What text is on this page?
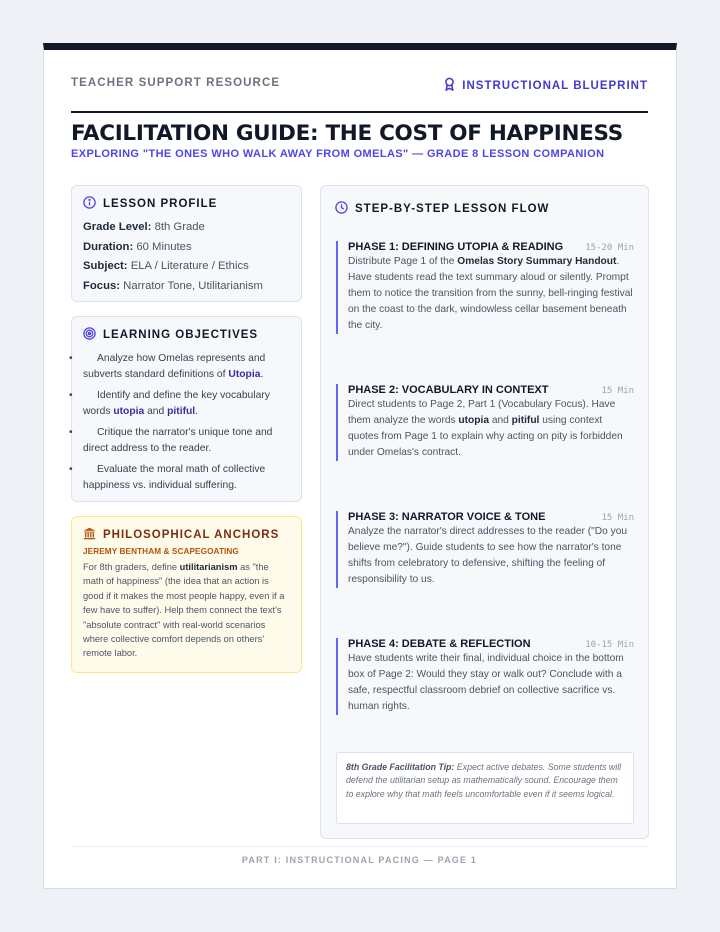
TEACHER SUPPORT RESOURCE	INSTRUCTIONAL BLUEPRINT
FACILITATION GUIDE: THE COST OF HAPPINESS
EXPLORING "THE ONES WHO WALK AWAY FROM OMELAS" — GRADE 8 LESSON COMPANION
LESSON PROFILE
Grade Level: 8th Grade
Duration: 60 Minutes
Subject: ELA / Literature / Ethics
Focus: Narrator Tone, Utilitarianism
LEARNING OBJECTIVES
• Analyze how Omelas represents and subverts standard definitions of Utopia.
• Identify and define the key vocabulary words utopia and pitiful.
• Critique the narrator's unique tone and direct address to the reader.
• Evaluate the moral math of collective happiness vs. individual suffering.
PHILOSOPHICAL ANCHORS
JEREMY BENTHAM & SCAPEGOATING

For 8th graders, define utilitarianism as "the math of happiness" (the idea that an action is good if it makes the most people happy, even if a few have to suffer). Help them connect the text's "absolute contract" with real-world scenarios where collective comfort depends on others' remote labor.

STEP-BY-STEP LESSON FLOW
PHASE 1: DEFINING UTOPIA & READING 15-20 Min

Distribute Page 1 of the Omelas Story Summary Handout. Have students read the text summary aloud or silently. Prompt them to notice the transition from the sunny, bell-ringing festival on the coast to the dark, windowless cellar basement beneath the city.

PHASE 2: VOCABULARY IN CONTEXT	15 Min

Direct students to Page 2, Part 1 (Vocabulary Focus). Have them analyze the words utopia and pitiful using context quotes from Page 1 to explain why acting on pity is forbidden under Omelas's contract.

PHASE 3: NARRATOR VOICE & TONE	15 Min

Analyze the narrator's direct addresses to the reader ("Do you believe me?"). Guide students to see how the narrator's tone shifts from celebratory to defensive, shifting the feeling of responsibility to us.

PHASE 4: DEBATE & REFLECTION	10-15 Min

Have students write their final, individual choice in the bottom box of Page 2: Would they stay or walk out? Conclude with a safe, respectful classroom debrief on collective sacrifice vs. human rights.

8th Grade Facilitation Tip: Expect active debates. Some students will defend the utilitarian setup as mathematically sound. Encourage them to explore why that math feels uncomfortable even if it seems logical.
PART I: INSTRUCTIONAL PACING — PAGE 1
